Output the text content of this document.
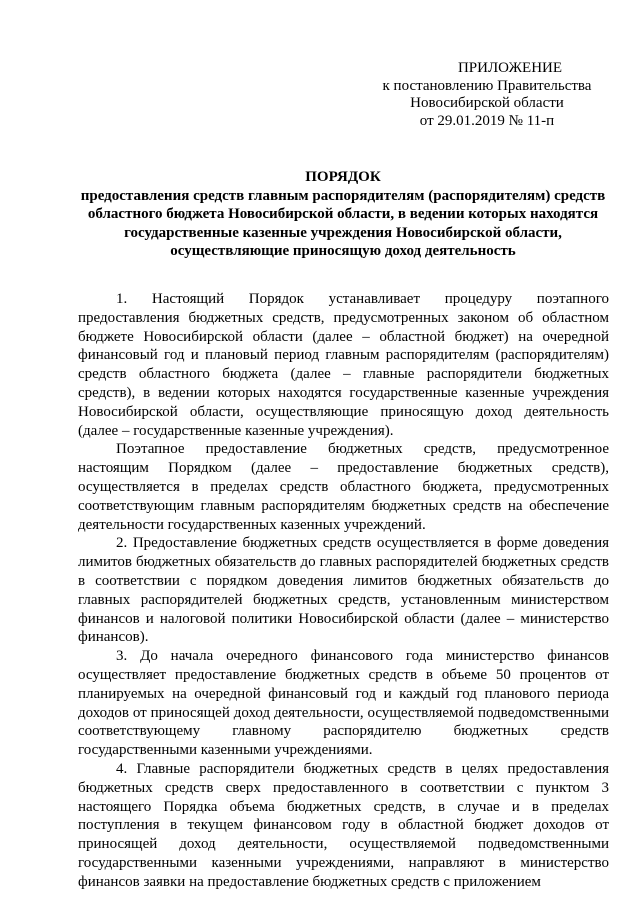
ПРИЛОЖЕНИЕ
к постановлению Правительства
Новосибирской области
от 29.01.2019 № 11-п
ПОРЯДОК
предоставления средств главным распорядителям (распорядителям) средств
областного бюджета Новосибирской области, в ведении которых находятся
государственные казенные учреждения Новосибирской области,
осуществляющие приносящую доход деятельность

1. Настоящий Порядок устанавливает процедуру поэтапного предоставления бюджетных средств, предусмотренных законом об областном бюджете Новосибирской области (далее – областной бюджет) на очередной финансовый год и плановый период главным распорядителям (распорядителям) средств областного бюджета (далее – главные распорядители бюджетных средств), в ведении которых находятся государственные казенные учреждения Новосибирской области, осуществляющие приносящую доход деятельность (далее – государственные казенные учреждения).

Поэтапное предоставление бюджетных средств, предусмотренное настоящим Порядком (далее – предоставление бюджетных средств), осуществляется в пределах средств областного бюджета, предусмотренных соответствующим главным распорядителям бюджетных средств на обеспечение деятельности государственных казенных учреждений.

2. Предоставление бюджетных средств осуществляется в форме доведения лимитов бюджетных обязательств до главных распорядителей бюджетных средств в соответствии с порядком доведения лимитов бюджетных обязательств до главных распорядителей бюджетных средств, установленным министерством финансов и налоговой политики Новосибирской области (далее – министерство финансов).

3. До начала очередного финансового года министерство финансов осуществляет предоставление бюджетных средств в объеме 50 процентов от планируемых на очередной финансовый год и каждый год планового периода доходов от приносящей доход деятельности, осуществляемой подведомственными соответствующему главному распорядителю бюджетных средств государственными казенными учреждениями.

4. Главные распорядители бюджетных средств в целях предоставления бюджетных средств сверх предоставленного в соответствии с пунктом 3 настоящего Порядка объема бюджетных средств, в случае и в пределах поступления в текущем финансовом году в областной бюджет доходов от приносящей доход деятельности, осуществляемой подведомственными государственными казенными учреждениями, направляют в министерство финансов заявки на предоставление бюджетных средств с приложением
